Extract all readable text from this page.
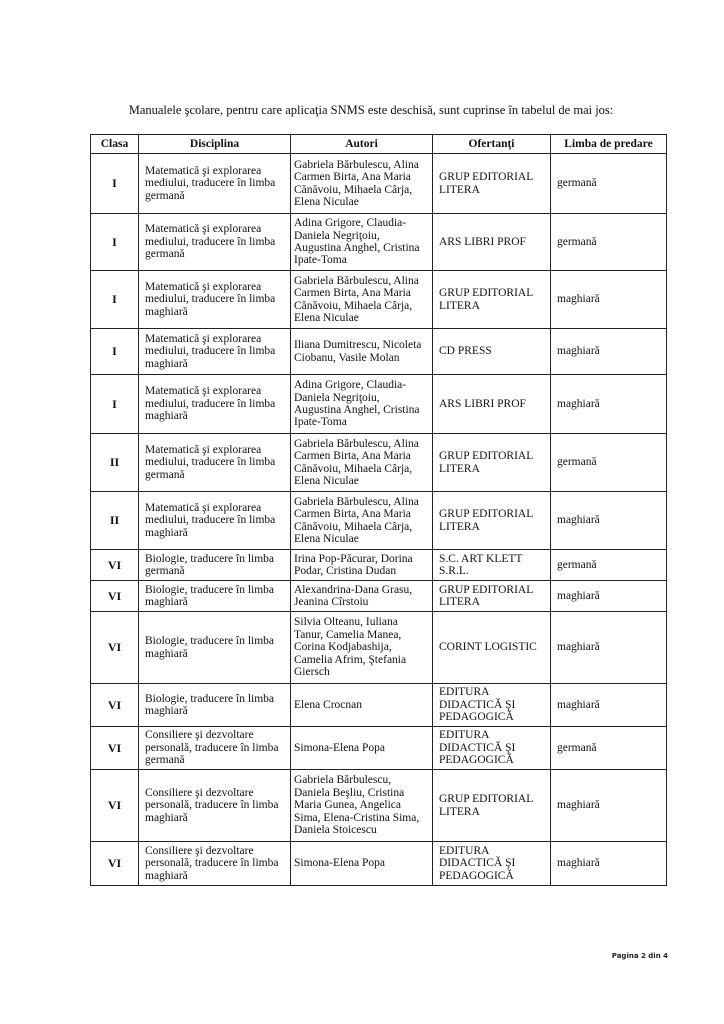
Manualele şcolare, pentru care aplicaţia SNMS este deschisă, sunt cuprinse în tabelul de mai jos:
Clasa	Disciplina	Autori	Ofertanţi	Limba de predare
I	Matematică şi explorarea mediului, traducere în limba germană	Gabriela Bărbulescu, Alina Carmen Birta, Ana Maria Cănăvoiu, Mihaela Cârja, Elena Niculae	GRUP EDITORIAL LITERA	germană
I	Matematică şi explorarea mediului, traducere în limba germană	Adina Grigore, Claudia-Daniela Negriţoiu, Augustina Anghel, Cristina Ipate-Toma	ARS LIBRI PROF	germană
I	Matematică şi explorarea mediului, traducere în limba maghiară	Gabriela Bărbulescu, Alina Carmen Birta, Ana Maria Cănăvoiu, Mihaela Cârja, Elena Niculae	GRUP EDITORIAL LITERA	maghiară
I	Matematică şi explorarea mediului, traducere în limba maghiară	Iliana Dumitrescu, Nicoleta Ciobanu, Vasile Molan	CD PRESS	maghiară
I	Matematică şi explorarea mediului, traducere în limba maghiară	Adina Grigore, Claudia-Daniela Negriţoiu, Augustina Anghel, Cristina Ipate-Toma	ARS LIBRI PROF	maghiară
II	Matematică şi explorarea mediului, traducere în limba germană	Gabriela Bărbulescu, Alina Carmen Birta, Ana Maria Cănăvoiu, Mihaela Cârja, Elena Niculae	GRUP EDITORIAL LITERA	germană
II	Matematică şi explorarea mediului, traducere în limba maghiară	Gabriela Bărbulescu, Alina Carmen Birta, Ana Maria Cănăvoiu, Mihaela Cârja, Elena Niculae	GRUP EDITORIAL LITERA	maghiară
VI	Biologie, traducere în limba germană	Irina Pop-Păcurar, Dorina Podar, Cristina Dudan	S.C. ART KLETT S.R.L.	germană
VI	Biologie, traducere în limba maghiară	Alexandrina-Dana Grasu, Jeanina Cîrstoiu	GRUP EDITORIAL LITERA	maghiară
VI	Biologie, traducere în limba maghiară	Silvia Olteanu, Iuliana Tanur, Camelia Manea, Corina Kodjabashija, Camelia Afrim, Ştefania Giersch	CORINT LOGISTIC	maghiară
VI	Biologie, traducere în limba maghiară	Elena Crocnan	EDITURA DIDACTICĂ ŞI PEDAGOGICĂ	maghiară
VI	Consiliere şi dezvoltare personală, traducere în limba germană	Simona-Elena Popa	EDITURA DIDACTICĂ ŞI PEDAGOGICĂ	germană
VI	Consiliere şi dezvoltare personală, traducere în limba maghiară	Gabriela Bărbulescu, Daniela Beşliu, Cristina Maria Gunea, Angelica Sima, Elena-Cristina Sima, Daniela Stoicescu	GRUP EDITORIAL LITERA	maghiară
VI	Consiliere şi dezvoltare personală, traducere în limba maghiară	Simona-Elena Popa	EDITURA DIDACTICĂ ŞI PEDAGOGICĂ	maghiară
Pagina 2 din 4
